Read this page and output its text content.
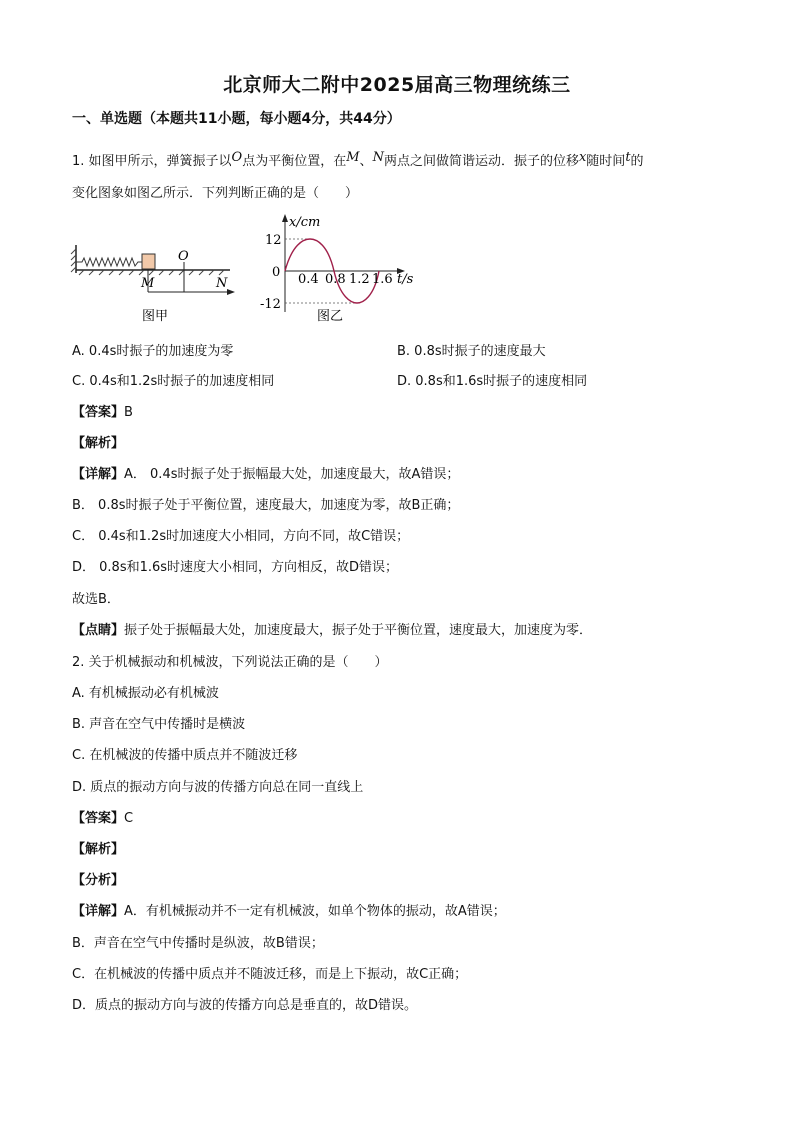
北京师大二附中2025届高三物理统练三
一、单选题（本题共11小题，每小题4分，共44分）
1. 如图甲所示，弹簧振子以O点为平衡位置，在M、N两点之间做简谐运动．振子的位移x随时间t的
变化图象如图乙所示．下列判断正确的是（　　）
O
M	N
图甲
x/cm
12
0
-12
0.4 0.8 1.2 1.6 t/s
图乙
A. 0.4s时振子的加速度为零	B. 0.8s时振子的速度最大
C. 0.4s和1.2s时振子的加速度相同	D. 0.8s和1.6s时振子的速度相同
【答案】B
【解析】
【详解】A． 0.4s时振子处于振幅最大处，加速度最大，故A错误；
B． 0.8s时振子处于平衡位置，速度最大，加速度为零，故B正确；
C． 0.4s和1.2s时加速度大小相同，方向不同，故C错误；
D． 0.8s和1.6s时速度大小相同，方向相反，故D错误；
故选B．
【点睛】振子处于振幅最大处，加速度最大，振子处于平衡位置，速度最大，加速度为零．
2. 关于机械振动和机械波，下列说法正确的是（　　）
A. 有机械振动必有机械波
B. 声音在空气中传播时是横波
C. 在机械波的传播中质点并不随波迁移
D. 质点的振动方向与波的传播方向总在同一直线上
【答案】C
【解析】
【分析】
【详解】A．有机械振动并不一定有机械波，如单个物体的振动，故A错误；
B．声音在空气中传播时是纵波，故B错误；
C．在机械波的传播中质点并不随波迁移，而是上下振动，故C正确；
D．质点的振动方向与波的传播方向总是垂直的，故D错误。
